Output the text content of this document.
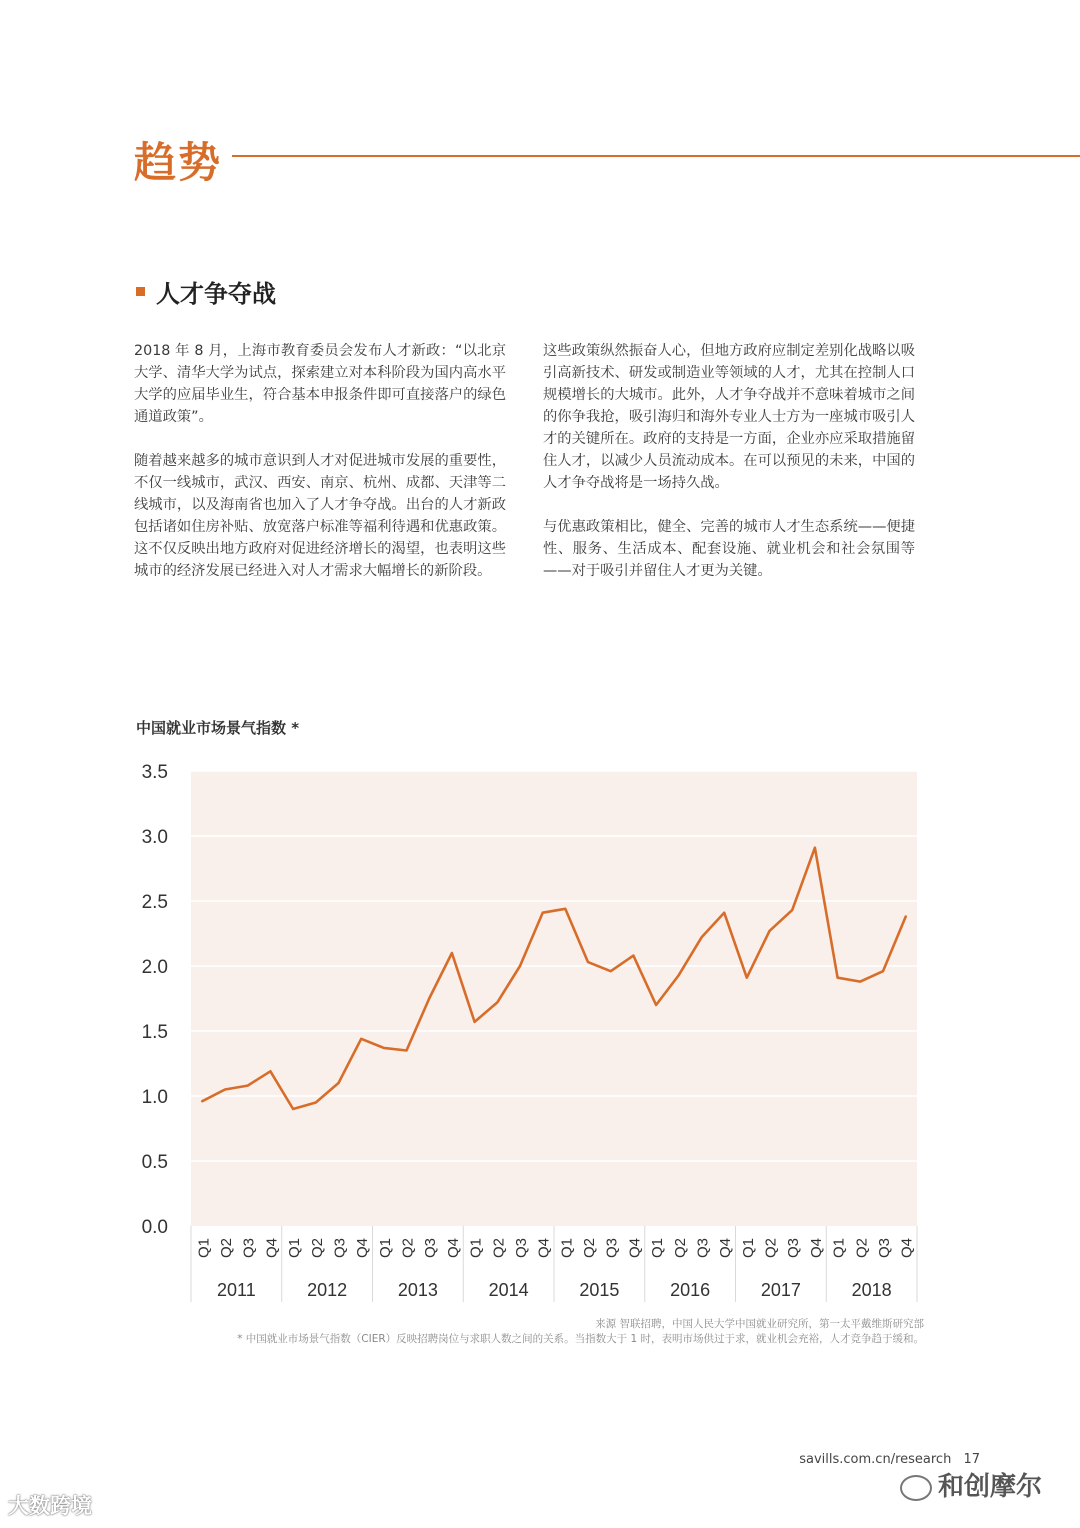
趋势
人才争夺战

2018 年 8 月，上海市教育委员会发布人才新政：“以北京大学、清华大学为试点，探索建立对本科阶段为国内高水平大学的应届毕业生，符合基本申报条件即可直接落户的绿色通道政策”。

随着越来越多的城市意识到人才对促进城市发展的重要性，不仅一线城市，武汉、西安、南京、杭州、成都、天津等二线城市，以及海南省也加入了人才争夺战。出台的人才新政包括诸如住房补贴、放宽落户标准等福利待遇和优惠政策。这不仅反映出地方政府对促进经济增长的渴望，也表明这些城市的经济发展已经进入对人才需求大幅增长的新阶段。

这些政策纵然振奋人心，但地方政府应制定差别化战略以吸引高新技术、研发或制造业等领域的人才，尤其在控制人口规模增长的大城市。此外，人才争夺战并不意味着城市之间的你争我抢，吸引海归和海外专业人士方为一座城市吸引人才的关键所在。政府的支持是一方面，企业亦应采取措施留住人才，以减少人员流动成本。在可以预见的未来，中国的人才争夺战将是一场持久战。

与优惠政策相比，健全、完善的城市人才生态系统——便捷性、服务、生活成本、配套设施、就业机会和社会氛围等——对于吸引并留住人才更为关键。

中国就业市场景气指数 *
3.5
3.0
2.5
2.0
1.5
1.0
0.5
0.0
Q1 Q2 Q3 Q4 Q1 Q2 Q3 Q4 Q1 Q2 Q3 Q4 Q1 Q2 Q3 Q4 Q1 Q2 Q3 Q4 Q1 Q2 Q3 Q4 Q1 Q2 Q3 Q4 Q1 Q2 Q3 Q4
2011	2012	2013	2014	2015	2016	2017	2018
来源 智联招聘，中国人民大学中国就业研究所，第一太平戴维斯研究部
* 中国就业市场景气指数（CIER）反映招聘岗位与求职人数之间的关系。当指数大于 1 时，表明市场供过于求，就业机会充裕，人才竞争趋于缓和。
savills.com.cn/research 17
和创摩尔
大数跨境
